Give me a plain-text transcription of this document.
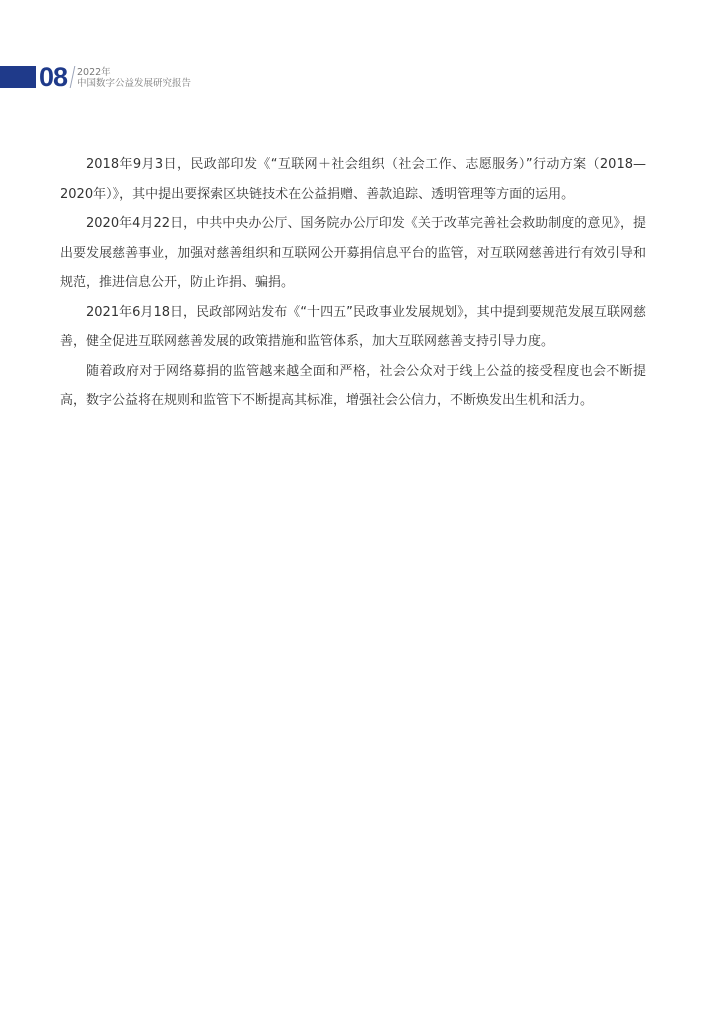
08 2022年
中国数字公益发展研究报告

2018年9月3日，民政部印发《“互联网＋社会组织（社会工作、志愿服务）”行动方案（2018—2020年）》，其中提出要探索区块链技术在公益捐赠、善款追踪、透明管理等方面的运用。

2020年4月22日，中共中央办公厅、国务院办公厅印发《关于改革完善社会救助制度的意见》，提出要发展慈善事业，加强对慈善组织和互联网公开募捐信息平台的监管，对互联网慈善进行有效引导和规范，推进信息公开，防止诈捐、骗捐。

2021年6月18日，民政部网站发布《“十四五”民政事业发展规划》，其中提到要规范发展互联网慈善，健全促进互联网慈善发展的政策措施和监管体系，加大互联网慈善支持引导力度。

随着政府对于网络募捐的监管越来越全面和严格，社会公众对于线上公益的接受程度也会不断提高，数字公益将在规则和监管下不断提高其标准，增强社会公信力，不断焕发出生机和活力。
